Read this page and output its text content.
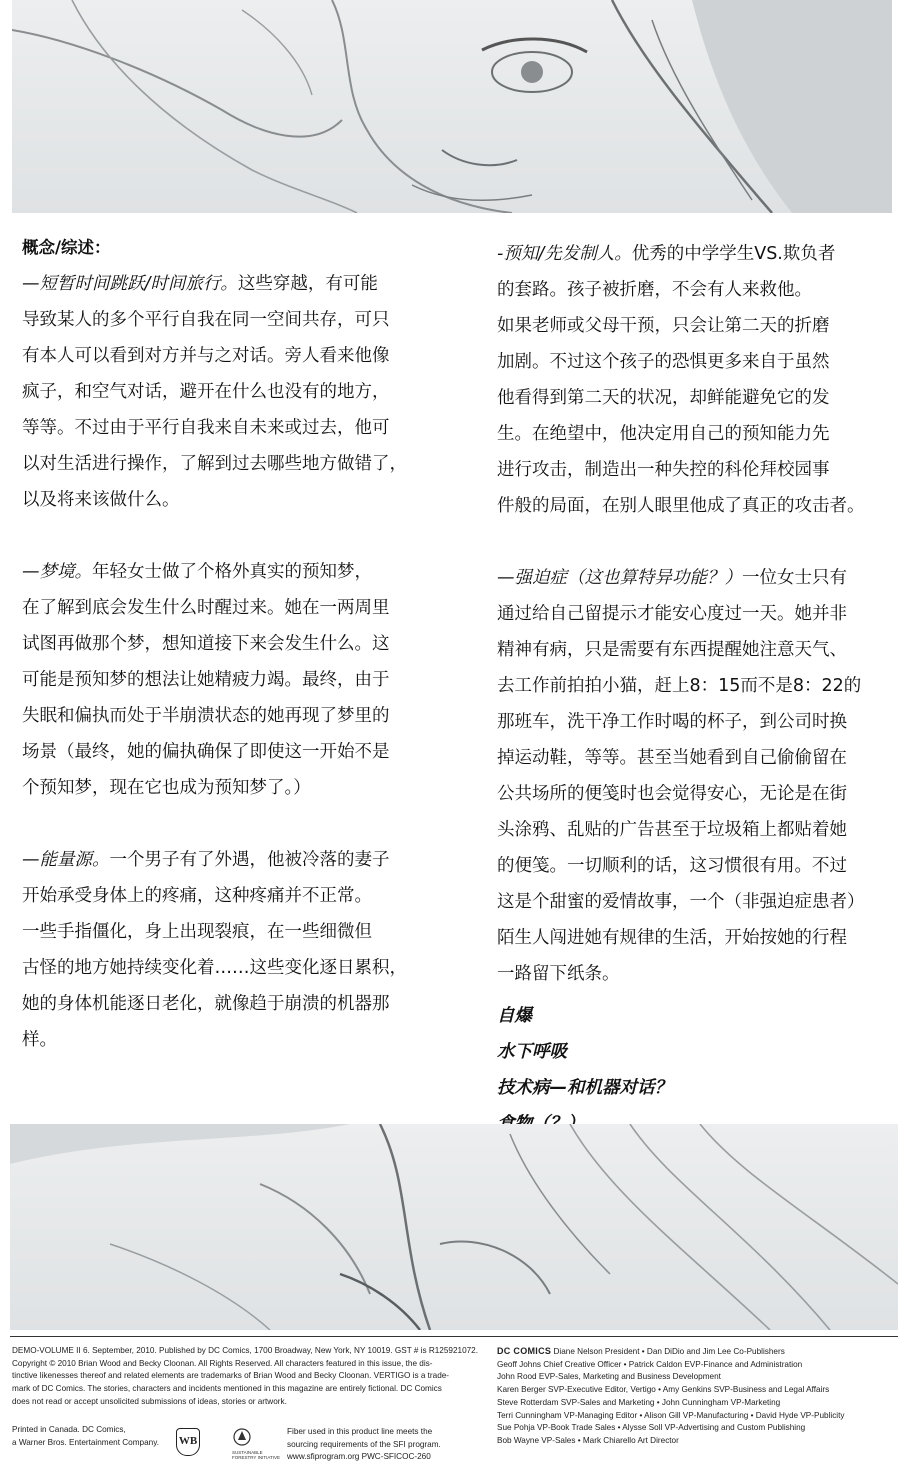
概念/综述：

—短暂时间跳跃/时间旅行。这些穿越，有可能
导致某人的多个平行自我在同一空间共存，可只
有本人可以看到对方并与之对话。旁人看来他像
疯子，和空气对话，避开在什么也没有的地方，
等等。不过由于平行自我来自未来或过去，他可
以对生活进行操作，了解到过去哪些地方做错了，
以及将来该做什么。

—梦境。年轻女士做了个格外真实的预知梦，
在了解到底会发生什么时醒过来。她在一两周里
试图再做那个梦，想知道接下来会发生什么。这
可能是预知梦的想法让她精疲力竭。最终，由于
失眠和偏执而处于半崩溃状态的她再现了梦里的
场景（最终，她的偏执确保了即使这一开始不是
个预知梦，现在它也成为预知梦了。）

—能量源。一个男子有了外遇，他被冷落的妻子
开始承受身体上的疼痛，这种疼痛并不正常。
一些手指僵化，身上出现裂痕，在一些细微但
古怪的地方她持续变化着……这些变化逐日累积，
她的身体机能逐日老化，就像趋于崩溃的机器那
样。

-预知/先发制人。优秀的中学学生VS.欺负者
的套路。孩子被折磨，不会有人来救他。
如果老师或父母干预，只会让第二天的折磨
加剧。不过这个孩子的恐惧更多来自于虽然
他看得到第二天的状况，却鲜能避免它的发
生。在绝望中，他决定用自己的预知能力先
进行攻击，制造出一种失控的科伦拜校园事
件般的局面，在别人眼里他成了真正的攻击者。

—强迫症（这也算特异功能？）一位女士只有
通过给自己留提示才能安心度过一天。她并非
精神有病，只是需要有东西提醒她注意天气、
去工作前拍拍小猫，赶上8：15而不是8：22的
那班车，洗干净工作时喝的杯子，到公司时换
掉运动鞋，等等。甚至当她看到自己偷偷留在
公共场所的便笺时也会觉得安心，无论是在街
头涂鸦、乱贴的广告甚至于垃圾箱上都贴着她
的便笺。一切顺利的话，这习惯很有用。不过
这是个甜蜜的爱情故事，一个（非强迫症患者）
陌生人闯进她有规律的生活，开始按她的行程
一路留下纸条。

自爆

水下呼吸

技术病—和机器对话？

DEMO-VOLUME II 6. September, 2010. Published by DC Comics, 1700 Broadway, New York, NY 10019. GST # is R125921072.
Copyright © 2010 Brian Wood and Becky Cloonan. All Rights Reserved. All characters featured in this issue, the dis-
tinctive likenesses thereof and related elements are trademarks of Brian Wood and Becky Cloonan. VERTIGO is a trade-
mark of DC Comics. The stories, characters and incidents mentioned in this magazine are entirely fictional. DC Comics
does not read or accept unsolicited submissions of ideas, stories or artwork.
Printed in Canada. DC Comics,
a Warner Bros. Entertainment Company.	WB
SUSTAINABLE FORESTRY INITIATIVE
Fiber used in this product line meets the
sourcing requirements of the SFI program.
www.sfiprogram.org PWC-SFICOC-260
DC COMICS Diane Nelson President • Dan DiDio and Jim Lee Co-Publishers
Geoff Johns Chief Creative Officer • Patrick Caldon EVP-Finance and Administration
John Rood EVP-Sales, Marketing and Business Development
Karen Berger SVP-Executive Editor, Vertigo • Amy Genkins SVP-Business and Legal Affairs
Steve Rotterdam SVP-Sales and Marketing • John Cunningham VP-Marketing
Terri Cunningham VP-Managing Editor • Alison Gill VP-Manufacturing • David Hyde VP-Publicity
Sue Pohja VP-Book Trade Sales • Alysse Soll VP-Advertising and Custom Publishing
Bob Wayne VP-Sales • Mark Chiarello Art Director
